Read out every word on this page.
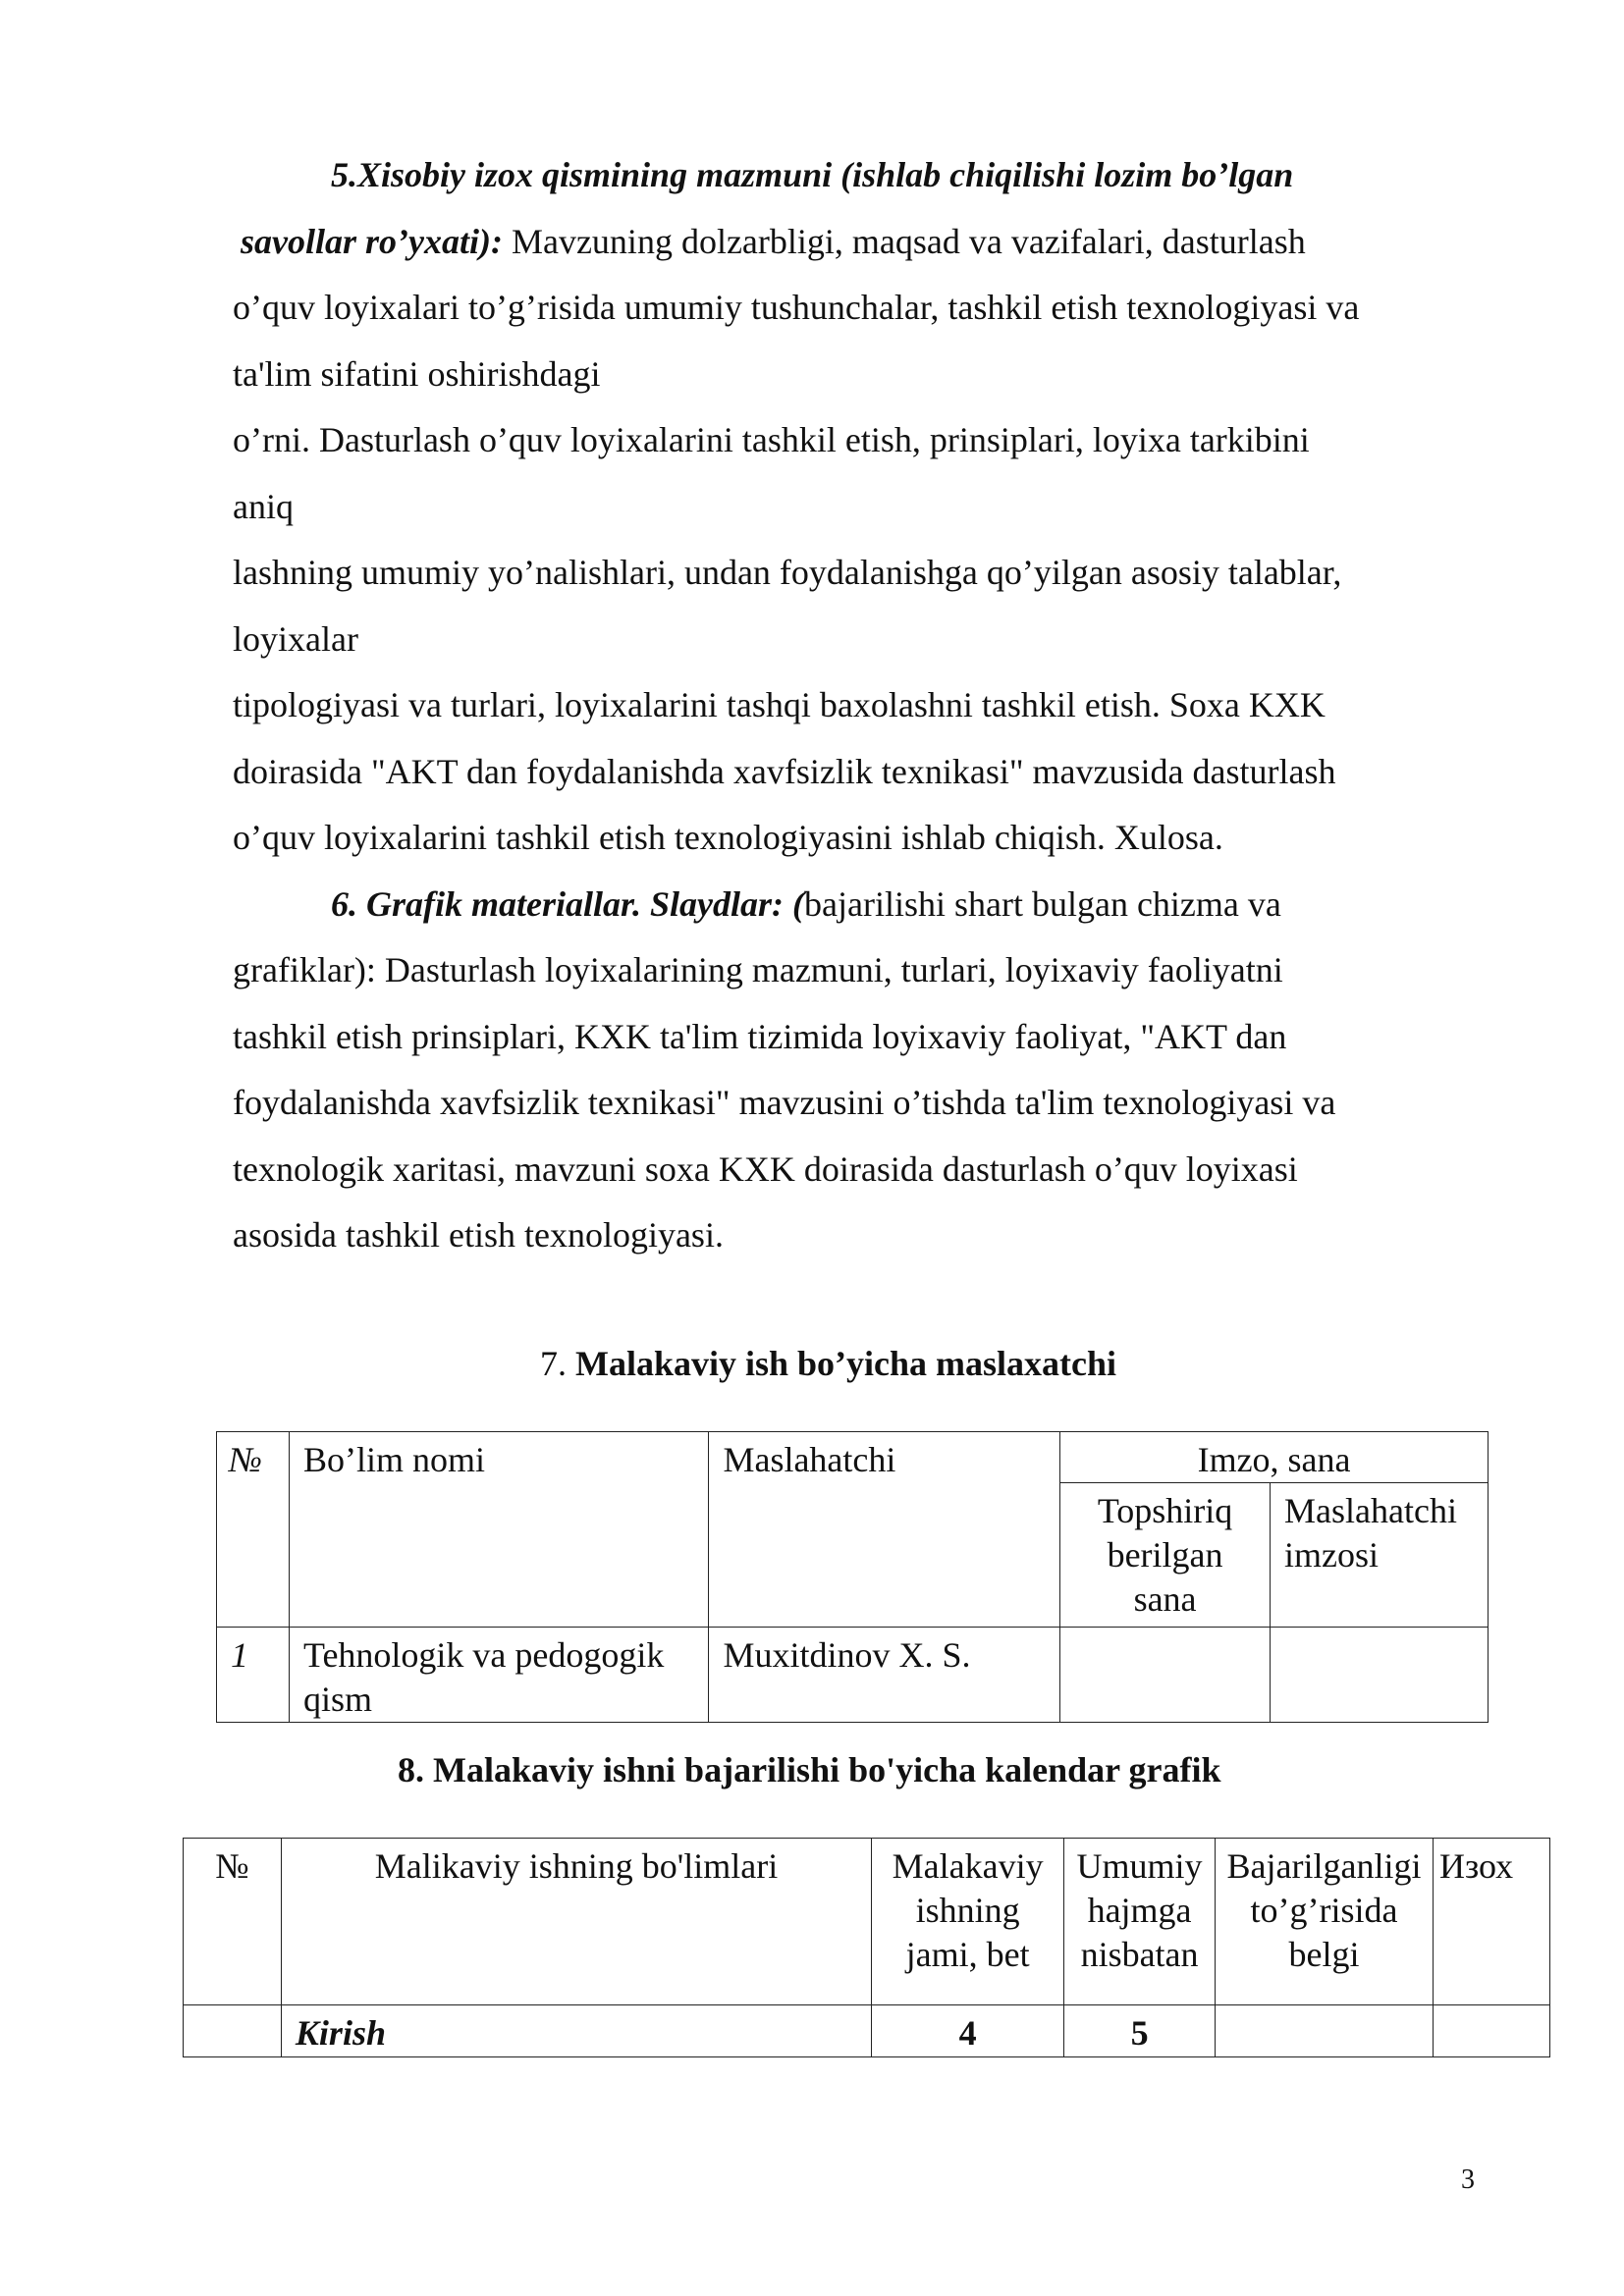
5.Xisobiy izox qismining mazmuni (ishlab chiqilishi lozim bo’lgan
savollar ro’yxati): Mavzuning dolzarbligi, maqsad va vazifalari, dasturlash
o’quv loyixalari to’g’risida umumiy tushunchalar, tashkil etish texnologiyasi va
ta'lim sifatini oshirishdagi
o’rni. Dasturlash o’quv loyixalarini tashkil etish, prinsiplari, loyixa tarkibini
aniq
lashning umumiy yo’nalishlari, undan foydalanishga qo’yilgan asosiy talablar,
loyixalar
tipologiyasi va turlari, loyixalarini tashqi baxolashni tashkil etish. Soxa KXK
doirasida "AKT dan foydalanishda xavfsizlik texnikasi" mavzusida dasturlash
o’quv loyixalarini tashkil etish texnologiyasini ishlab chiqish. Xulosa.
6. Grafik materiallar. Slaydlar: (bajarilishi shart bulgan chizma va
grafiklar): Dasturlash loyixalarining mazmuni, turlari, loyixaviy faoliyatni
tashkil etish prinsiplari, KXK ta'lim tizimida loyixaviy faoliyat, "AKT dan
foydalanishda xavfsizlik texnikasi" mavzusini o’tishda ta'lim texnologiyasi va
texnologik xaritasi, mavzuni soxa KXK doirasida dasturlash o’quv loyixasi
asosida tashkil etish texnologiyasi.
7. Malakaviy ish bo’yicha maslaxatchi
№	Bo’lim nomi	Maslahatchi	Imzo, sana	
			Topshiriq berilgan sana	Maslahatchi imzosi
1	Tehnologik va pedogogik qism	Muxitdinov X. S.		
8. Malakaviy ishni bajarilishi bo'yicha kalendar grafik
№	Malikaviy ishning bo'limlari	Malakaviy ishning jami, bet	Umumiy hajmga nisbatan	Bajarilganligi to’g’risida belgi	Изох
	Kirish	4	5		
3
